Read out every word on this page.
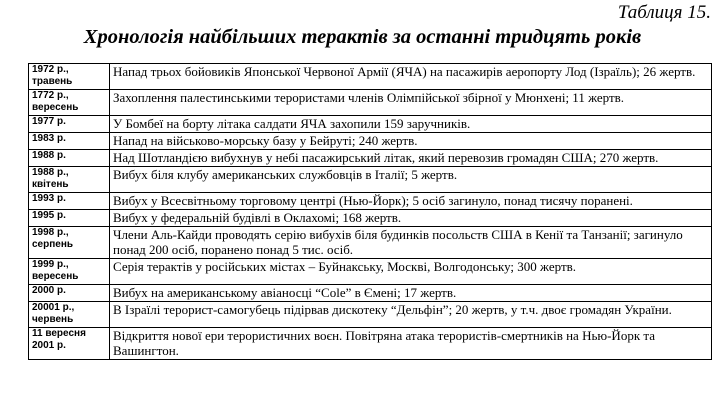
Таблиця 15.

Хронологія найбільших терактів за останні тридцять років
1972 р.,
травень	Напад трьох бойовиків Японської Червоної Армії (ЯЧА) на пасажирів аеропорту Лод (Ізраїль); 26 жертв.

1772 р.,
вересень	Захоплення палестинськими терористами членів Олімпійської збірної у Мюнхені; 11 жертв.

1977 р.	У Бомбеї на борту літака салдати ЯЧА захопили 159 заручників.

1983 р.	Напад на військово-морську базу у Бейруті; 240 жертв.

1988 р.	Над Шотландією вибухнув у небі пасажирський літак, який перевозив громадян США; 270 жертв.

1988 р.,
квітень	Вибух біля клубу американських службовців в Італії; 5 жертв.

1993 р.	Вибух у Всесвітньому торговому центрі (Нью-Йорк); 5 осіб загинуло, понад тисячу поранені.

1995 р.	Вибух у федеральній будівлі в Оклахомі; 168 жертв.

1998 р.,
серпень	Члени Аль-Кайди проводять серію вибухів біля будинків посольств США в Кенії та Танзанії; загинуло понад 200 осіб, поранено понад 5 тис. осіб.

1999 р.,
вересень	Серія терактів у російських містах – Буйнакську, Москві, Волгодонську; 300 жертв.

2000 р.	Вибух на американському авіаносці “Cole” в Ємені; 17 жертв.

20001 р.,
червень	В Ізраїлі терорист-самогубець підірвав дискотеку “Дельфін”; 20 жертв, у т.ч. двоє громадян України.

11 вересня
2001 р.	Відкриття нової ери терористичних воєн. Повітряна атака терористів-смертників на Нью-Йорк та Вашингтон.
